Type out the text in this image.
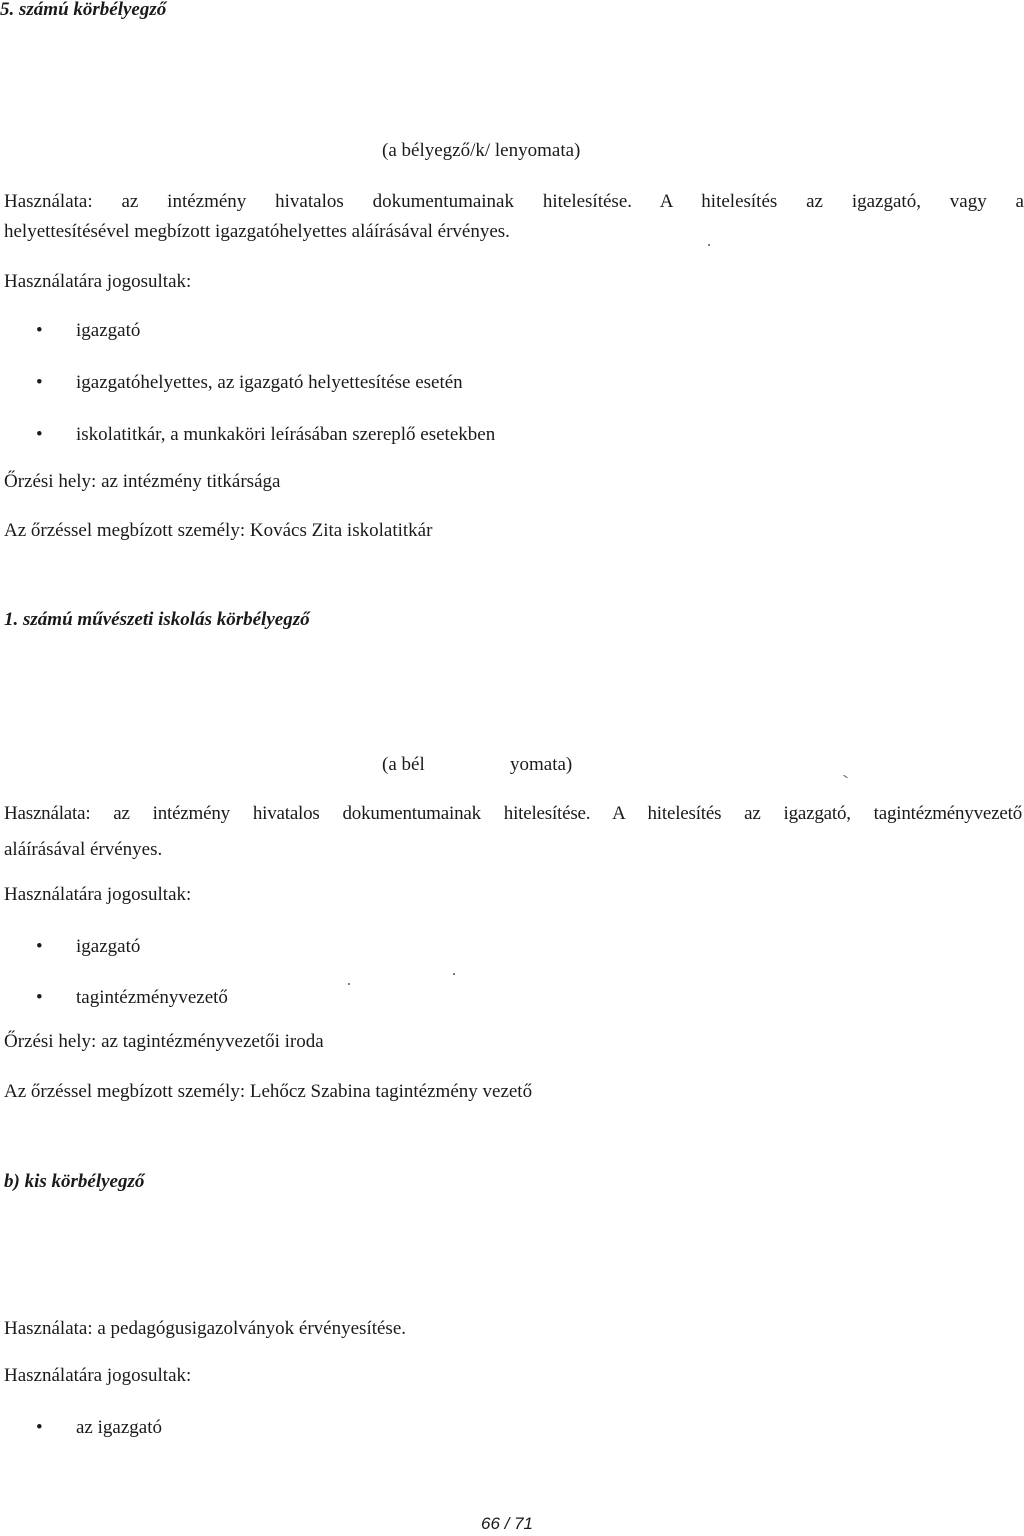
5. számú körbélyegző
(a bélyegző/k/ lenyomata)
Használata: az intézmény hivatalos dokumentumainak hitelesítése. A hitelesítés az igazgató, vagy a
helyettesítésével megbízott igazgatóhelyettes aláírásával érvényes.
Használatára jogosultak:
• igazgató
• igazgatóhelyettes, az igazgató helyettesítése esetén
• iskolatitkár, a munkaköri leírásában szereplő esetekben
Őrzési hely: az intézmény titkársága
Az őrzéssel megbízott személy: Kovács Zita iskolatitkár
1. számú művészeti iskolás körbélyegző
(a bél	yomata)
Használata: az intézmény hivatalos dokumentumainak hitelesítése. A hitelesítés az igazgató, tagintézményvezető
aláírásával érvényes.
Használatára jogosultak:
• igazgató
• tagintézményvezető
Őrzési hely: az tagintézményvezetői iroda
Az őrzéssel megbízott személy: Lehőcz Szabina tagintézmény vezető
b) kis körbélyegző
Használata: a pedagógusigazolványok érvényesítése.
Használatára jogosultak:
• az igazgató
66 / 71
